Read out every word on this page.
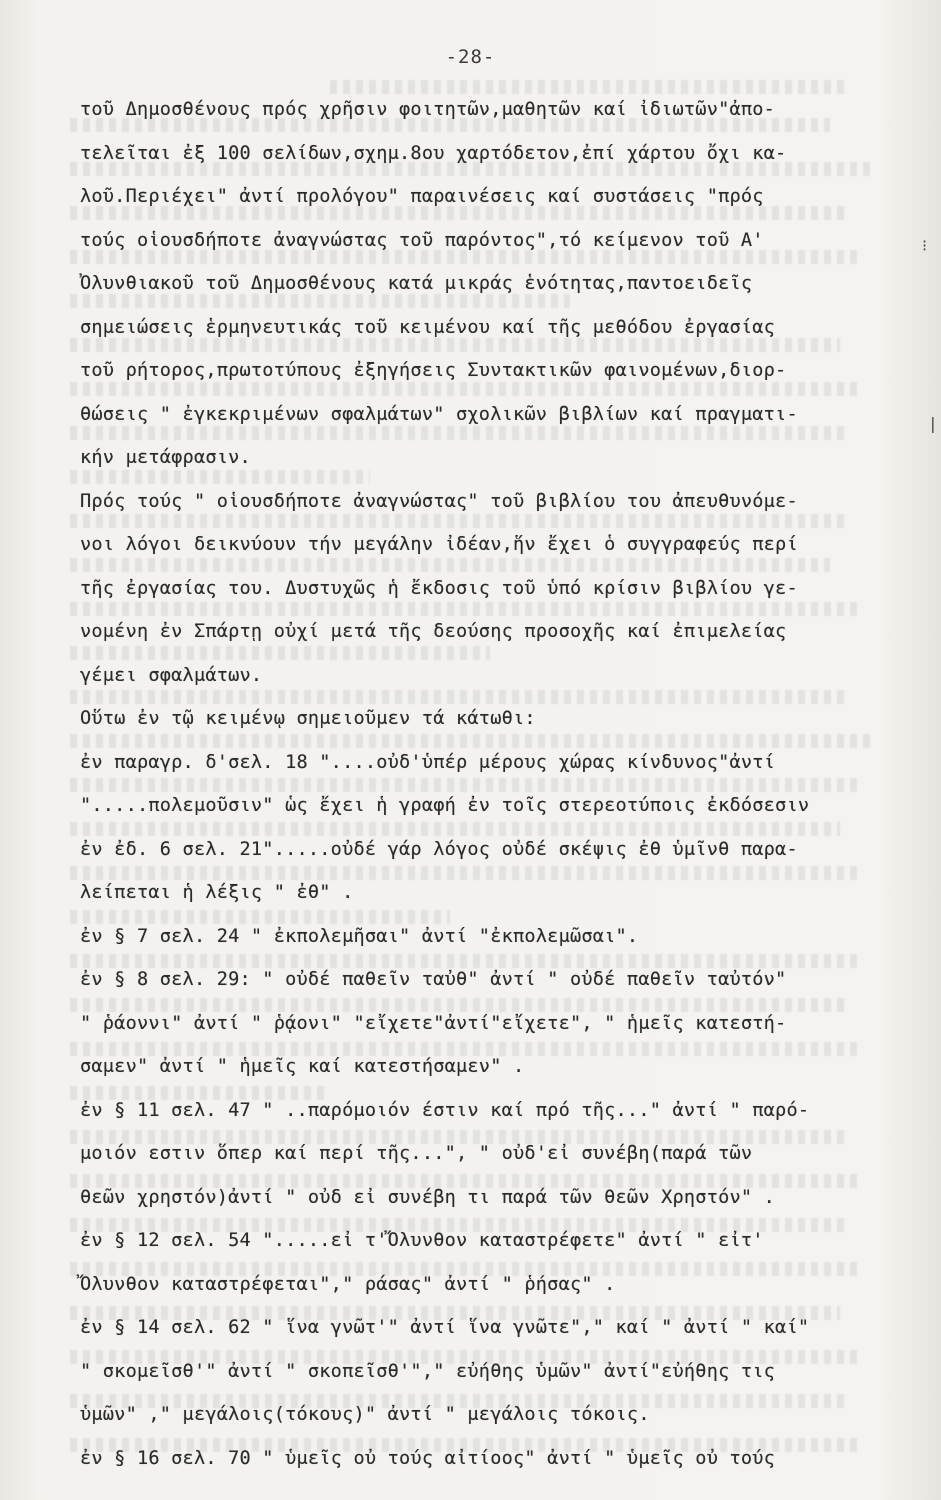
-28-
τοῦ Δημοσθένους πρός χρῆσιν φοιτητῶν,μαθητῶν καί ἰδιωτῶν"ἀπο-
τελεῖται ἐξ 100 σελίδων,σχημ.8ου χαρτόδετον,ἐπί χάρτου ὄχι κα-
λοῦ.Περιέχει" ἀντί προλόγου" παραινέσεις καί συστάσεις "πρός
τούς οἱουσδήποτε ἀναγνώστας τοῦ παρόντος",τό κείμενον τοῦ Α'
Ὀλυνθιακοῦ τοῦ Δημοσθένους κατά μικράς ἑνότητας,παντοειδεῖς
σημειώσεις ἑρμηνευτικάς τοῦ κειμένου καί τῆς μεθόδου ἐργασίας
τοῦ ρήτορος,πρωτοτύπους ἐξηγήσεις Συντακτικῶν φαινομένων,διορ-
θώσεις " ἐγκεκριμένων σφαλμάτων" σχολικῶν βιβλίων καί πραγματι-
κήν μετάφρασιν.
Πρός τούς " οἱουσδήποτε ἀναγνώστας" τοῦ βιβλίου του ἀπευθυνόμε-
νοι λόγοι δεικνύουν τήν μεγάλην ἰδέαν,ἥν ἔχει ὁ συγγραφεύς περί
τῆς ἐργασίας του. Δυστυχῶς ἡ ἔκδοσις τοῦ ὑπό κρίσιν βιβλίου γε-
νομένη ἐν Σπάρτῃ οὐχί μετά τῆς δεούσης προσοχῆς καί ἐπιμελείας
γέμει σφαλμάτων.
Οὕτω ἐν τῷ κειμένῳ σημειοῦμεν τά κάτωθι:
ἐν παραγρ. δ'σελ. 18 "....οὐδ'ὑπέρ μέρους χώρας κίνδυνος"ἀντί
".....πολεμοῦσιν" ὡς ἔχει ἡ γραφή ἐν τοῖς στερεοτύποις ἐκδόσεσιν
ἐν ἐδ. 6 σελ. 21".....οὐδέ γάρ λόγος οὐδέ σκέψις ἐθ ὑμῖνθ παρα-
λείπεται ἡ λέξις " ἐθ" .
ἐν § 7 σελ. 24 " ἐκπολεμῆσαι" ἀντί "ἐκπολεμῶσαι".
ἐν § 8 σελ. 29: " οὐδέ παθεῖν ταὐθ" ἀντί " οὐδέ παθεῖν ταὐτόν"
" ῥάοννι" ἀντί " ῥᾴονι" "εἴχετε"ἀντί"εἴχετε", " ἡμεῖς κατεστή-
σαμεν" ἀντί " ἡμεῖς καί κατεστήσαμεν" .
ἐν § 11 σελ. 47 " ..παρόμοιόν έστιν καί πρό τῆς..." ἀντί " παρό-
μοιόν εστιν ὅπερ καί περί τῆς...", " οὐδ'εἰ συνέβη(παρά τῶν
θεῶν χρηστόν)ἀντί " οὐδ εἰ συνέβη τι παρά τῶν θεῶν Χρηστόν" .
ἐν § 12 σελ. 54 ".....εἰ τ'Ὄλυνθον καταστρέφετε" ἀντί " εἰτ'
Ὄλυνθον καταστρέφεται"," ράσας" ἀντί " ῥήσας" .
ἐν § 14 σελ. 62 " ἵνα γνῶτ'" ἀντί ἵνα γνῶτε"," καί " ἀντί " καί"
" σκομεῖσθ'" ἀντί " σκοπεῖσθ'"," εὐήθης ὑμῶν" ἀντί"εὐήθης τις
ὑμῶν" ," μεγάλοις(τόκους)" ἀντί " μεγάλοις τόκοις.
ἐν § 16 σελ. 70 " ὑμεῖς οὐ τούς αἰτίοος" ἀντί " ὑμεῖς οὐ τούς
⁝
|
